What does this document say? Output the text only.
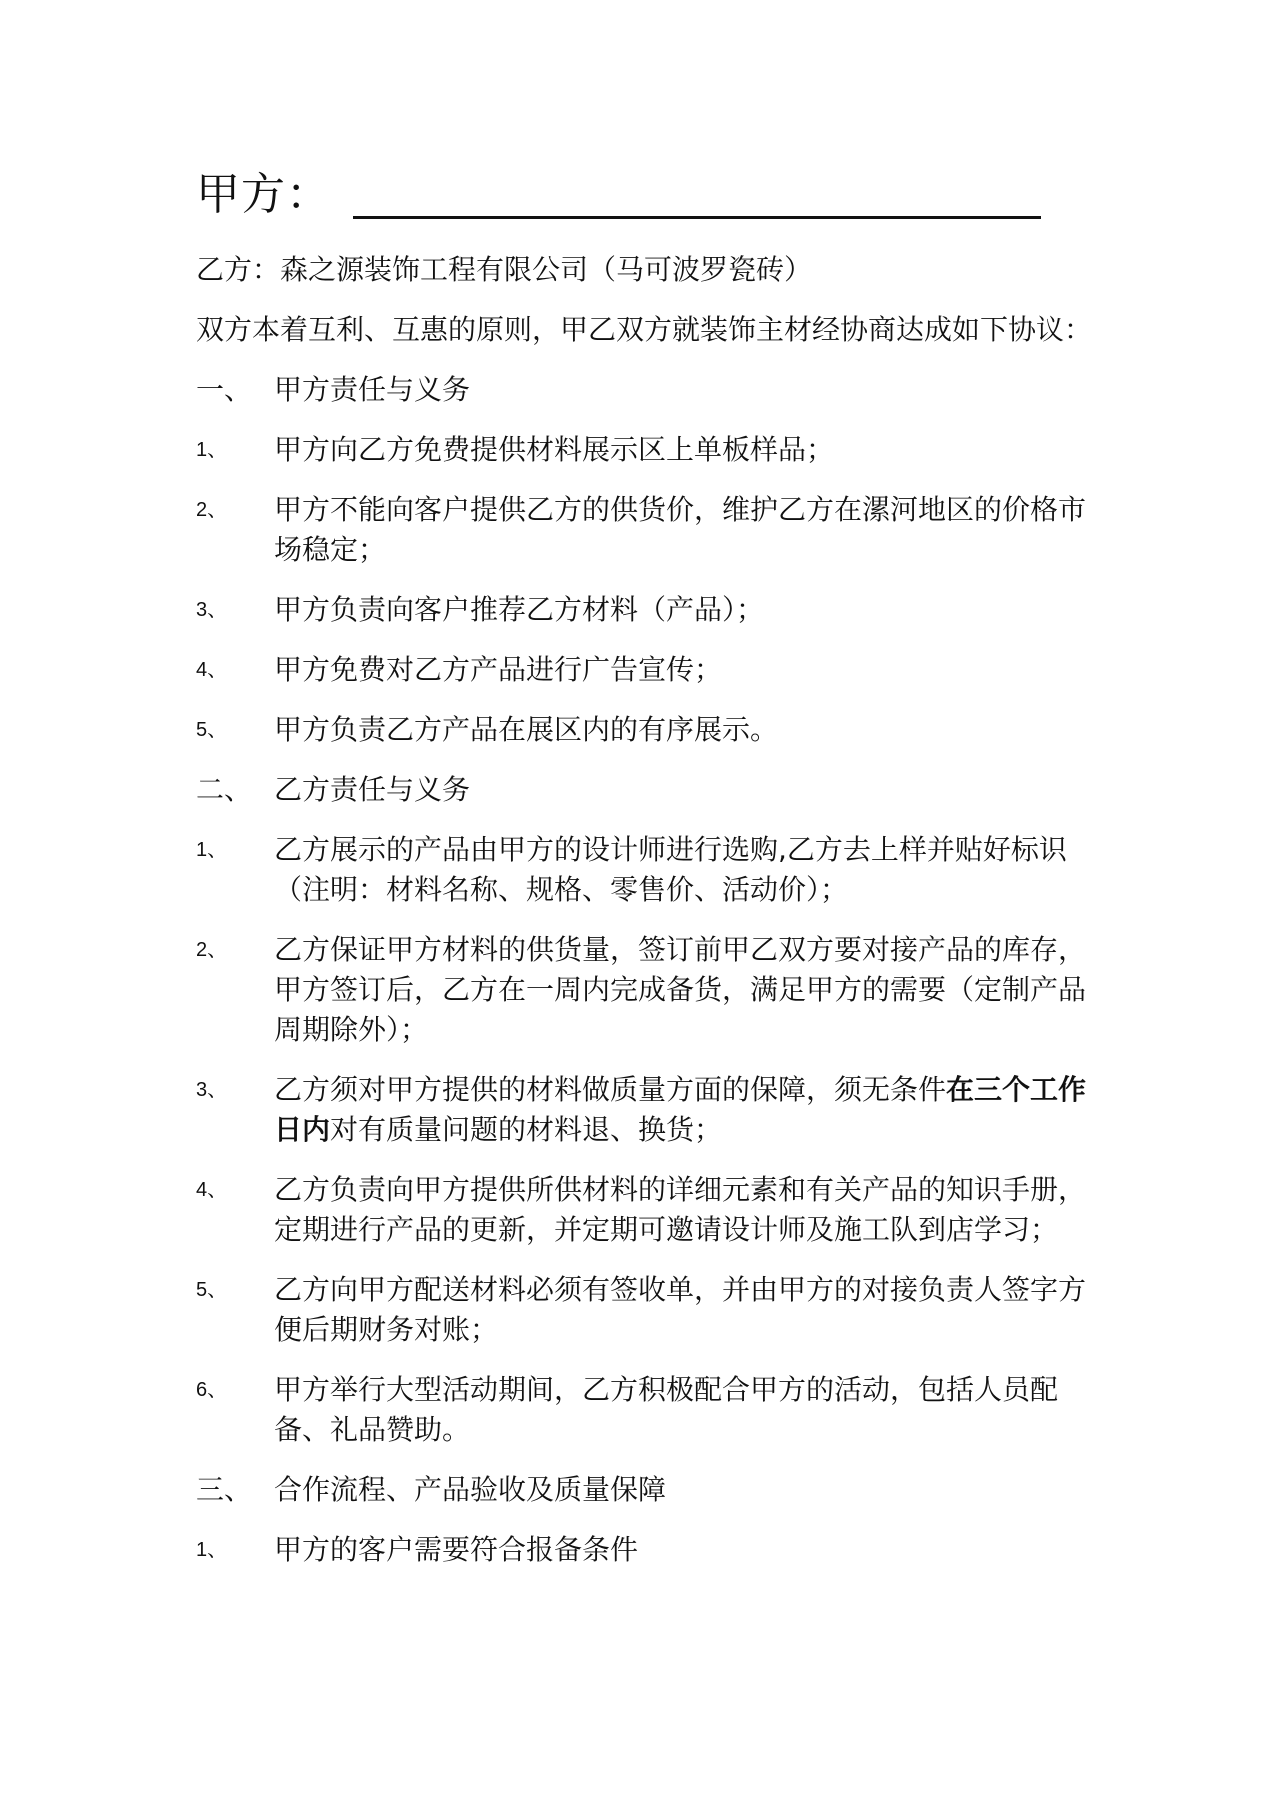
甲方：

乙方：森之源装饰工程有限公司（马可波罗瓷砖）

双方本着互利、互惠的原则，甲乙双方就装饰主材经协商达成如下协议：

一、 甲方责任与义务
1、	甲方向乙方免费提供材料展示区上单板样品；
2、	甲方不能向客户提供乙方的供货价，维护乙方在漯河地区的价格市场稳定；
3、	甲方负责向客户推荐乙方材料（产品）；
4、	甲方免费对乙方产品进行广告宣传；
5、	甲方负责乙方产品在展区内的有序展示。
二、 乙方责任与义务
1、	乙方展示的产品由甲方的设计师进行选购,乙方去上样并贴好标识（注明：材料名称、规格、零售价、活动价）；
2、	乙方保证甲方材料的供货量，签订前甲乙双方要对接产品的库存，甲方签订后，乙方在一周内完成备货，满足甲方的需要（定制产品周期除外）；
3、	乙方须对甲方提供的材料做质量方面的保障，须无条件在三个工作日内对有质量问题的材料退、换货；
4、	乙方负责向甲方提供所供材料的详细元素和有关产品的知识手册，定期进行产品的更新，并定期可邀请设计师及施工队到店学习；
5、	乙方向甲方配送材料必须有签收单，并由甲方的对接负责人签字方便后期财务对账；
6、	甲方举行大型活动期间，乙方积极配合甲方的活动，包括人员配备、礼品赞助。
三、 合作流程、产品验收及质量保障
1、	甲方的客户需要符合报备条件
